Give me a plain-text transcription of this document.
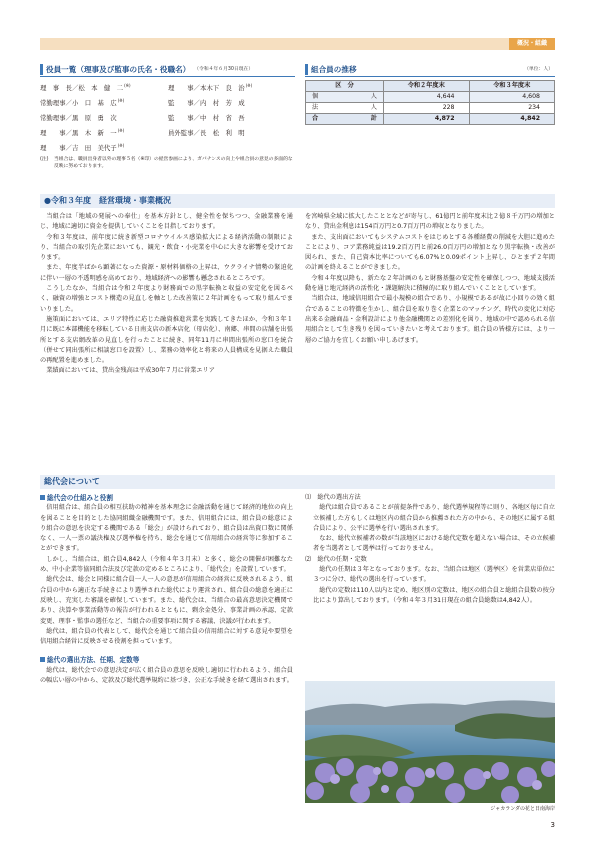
概況・組織
役員一覧（理事及び監事の氏名・役職名） （令和４年６月30日現在）
理　事　長／松　本　健　二(※)	理　　事／本木下　良　治(※)
常勤理事／小　口　基　広(※)	監　　事／内　村　芳　成
常勤理事／黒　原　勇　次	監　　事／中　村　省　吾
理　　事／黒　木　新　一(※)	員外監事／長　松　利　明
理　　事／吉　田　美代子(※)
(注)	当組合は、職員出身者以外の理事５名（※印）の経営参画により、ガバナンスの向上や組合員の意見の多面的な反映に努めております。
組合員の推移	（単位：人）
区　分	令和２年度末	令和３年度末
個　人	4,644	4,608
法　人	228	234
合　計	4,872	4,842
●令和３年度　経営環境・事業概況

当組合は「地域の発展への奉仕」を基本方針とし、健全性を保ちつつ、金融業務を通じ、地域に適切に資金を提供していくことを目指しております。

令和３年度は、前年度に続き新型コロナウイルス感染拡大による経済活動の制限により、当組合の取引先企業においても、観光・飲食・小売業を中心に大きな影響を受けております。

また、年度半ばから顕著になった資源・原材料価格の上昇は、ウクライナ情勢の緊迫化に伴い一層の不透明感を高めており、地域経済への影響も懸念されるところです。

こうしたなか、当組合は令和２年度より財務面での黒字転換と収益の安定化を図るべく、融資の増強とコスト構造の見直しを軸とした改善策に２年計画をもって取り組んでまいりました。

施策面においては、エリア特性に応じた融資推進営業を実践してきたほか、令和３年１月に既に本部機能を移転している日南支店の新本店化（母店化）、南郷、串間の店舗を出張所とする支店網改革の見直しを行ったことに続き、同年11月に串間出張所の窓口を統合（併せて同出張所に相談窓口を設置）し、業務の効率化と将来の人員構成を見据えた職員の再配置を進めました。

業績面においては、貸出金残高は平成30年７月に営業エリア

を宮崎県全域に拡大したこととなどが寄与し、61億円と前年度末比２億８千万円の増加となり、貸出金利息は154百万円と0.7百万円の増収となりました。

また、支出面においてもシステムコストをはじめとする各種経費の削減を大胆に進めたことにより、コア業務純益は19.2百万円と前26.0百万円の増加となり黒字転換・改善が図られ、また、自己資本比率についても6.07%と0.09ポイント上昇し、ひとまず２年間の計画を終えることができました。

令和４年度以降も、新たな２年計画のもと財務基盤の安定性を確保しつつ、地域支援活動を通じ地元経済の活性化・課題解決に積極的に取り組んでいくこととしています。

当組合は、地域信用組合で最小規模の組合であり、小規模であるが故に小回りの効く組合であることの特徴を生かし、組合員を取り巻く企業とのマッチング、時代の変化に対応出来る金融商品・金利設計により他金融機関との差別化を図り、地域の中で認められる信用組合として生き残りを図っていきたいと考えております。組合員の皆様方には、より一層のご協力を宜しくお願い申しあげます。

総代会について
総代会の仕組みと役割

信用組合は、組合員の相互扶助の精神を基本理念に金融活動を通じて経済的地位の向上を図ることを目的とした協同組織金融機関です。また、信用組合には、組合員の総意により組合の意思を決定する機関である「総会」が設けられており、組合員は出資口数に関係なく、一人一票の議決権及び選挙権を持ち、総会を通じて信用組合の経営等に参加することができます。

しかし、当組合は、組合員4,842人（令和４年３月末）と多く、総会の開催が困難なため、中小企業等協同組合法及び定款の定めるところにより、「総代会」を設置しています。

総代会は、総会と同様に組合員一人一人の意思が信用組合の経営に反映されるよう、組合員の中から適正な手続きにより選挙された総代により運営され、組合員の総意を適正に反映し、充実した審議を確保しています。また、総代会は、当組合の最高意思決定機関であり、決算や事業活動等の報告が行われるとともに、剰余金処分、事業計画の承認、定款変更、理事・監事の選任など、当組合の重要事項に関する審議、決議が行われます。

総代は、組合員の代表として、総代会を通じて組合員の信用組合に対する意見や要望を信用組合経営に反映させる役割を担っています。

総代の選出方法、任期、定数等

総代は、総代会での意思決定が広く組合員の意思を反映し適切に行われるよう、組合員の幅広い層の中から、定款及び総代選挙規約に基づき、公正な手続きを経て選出されます。

⑴　 総代の選出方法

総代は組合員であることが前提条件であり、総代選挙規程等に則り、各地区毎に自立立候補した方もしくは地区内の組合員から推薦された方の中から、その地区に属する組合員により、公平に選挙を行い選出されます。

なお、総代立候補者の数が当該地区における総代定数を超えない場合は、その立候補者を当選者として選挙は行っておりません。

⑵　 総代の任期・定数

総代の任期は３年となっております。なお、当組合は地区（選挙区）を営業店単位に３つに分け、総代の選出を行っています。

総代の定数は110人以内と定め、地区別の定数は、地区の組合員と総組合員数の按分比により算出しております。（令和４年３月31日現在の組合員総数は4,842人）。

ジャカランダの花と日南海岸
3
